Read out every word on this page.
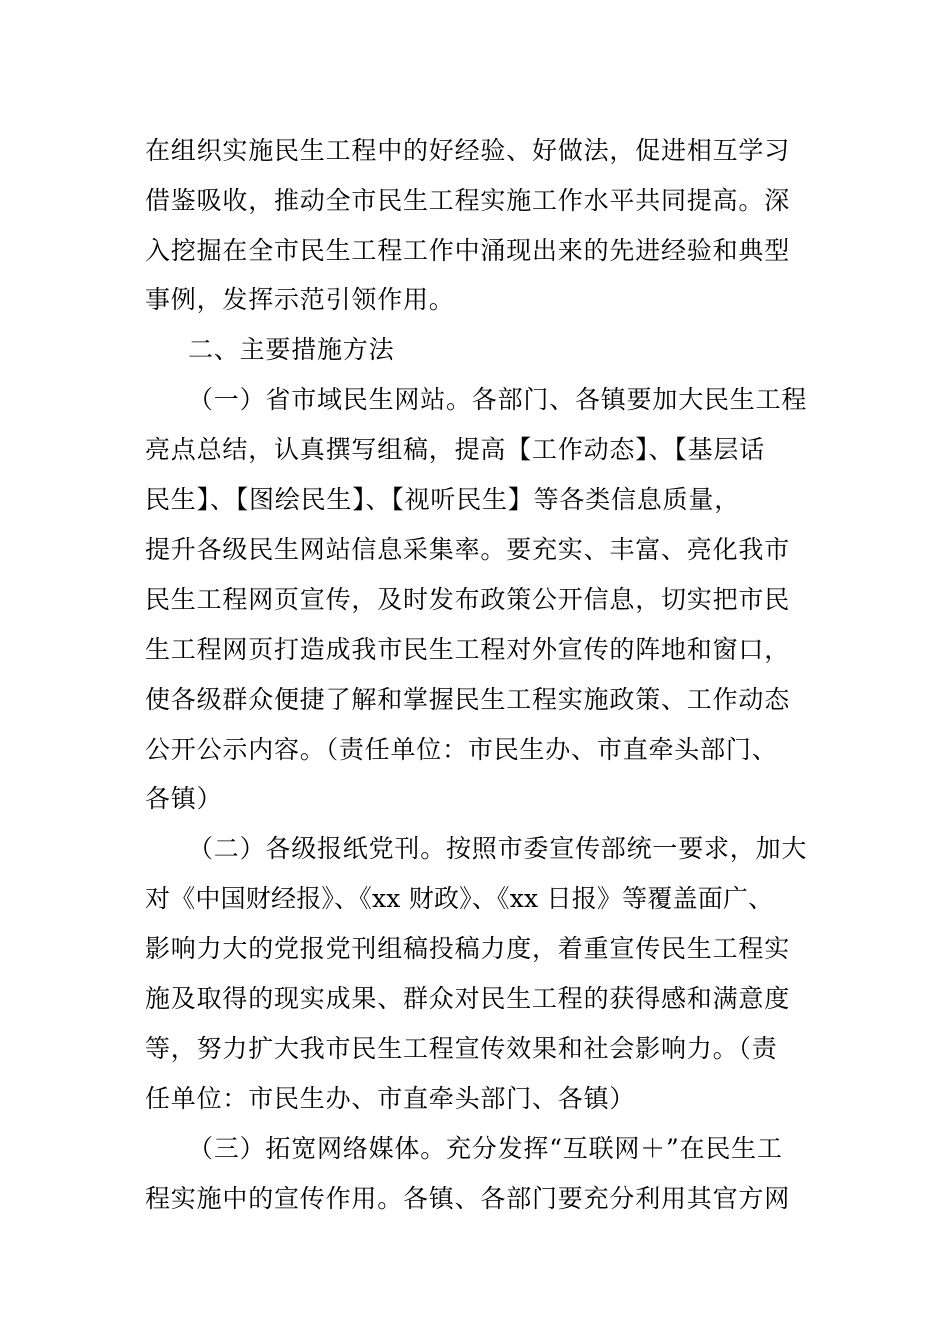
在组织实施民生工程中的好经验、好做法，促进相互学习
借鉴吸收，推动全市民生工程实施工作水平共同提高。深
入挖掘在全市民生工程工作中涌现出来的先进经验和典型
事例，发挥示范引领作用。
二、主要措施方法
（一）省市域民生网站。各部门、各镇要加大民生工程
亮点总结，认真撰写组稿，提高【工作动态】、【基层话
民生】、【图绘民生】、【视听民生】等各类信息质量，
提升各级民生网站信息采集率。要充实、丰富、亮化我市
民生工程网页宣传，及时发布政策公开信息，切实把市民
生工程网页打造成我市民生工程对外宣传的阵地和窗口，
使各级群众便捷了解和掌握民生工程实施政策、工作动态
公开公示内容。（责任单位：市民生办、市直牵头部门、
各镇）
（二）各级报纸党刊。按照市委宣传部统一要求，加大
对《中国财经报》、《xx 财政》、《xx 日报》等覆盖面广、
影响力大的党报党刊组稿投稿力度，着重宣传民生工程实
施及取得的现实成果、群众对民生工程的获得感和满意度
等，努力扩大我市民生工程宣传效果和社会影响力。（责
任单位：市民生办、市直牵头部门、各镇）
（三）拓宽网络媒体。充分发挥“互联网＋”在民生工
程实施中的宣传作用。各镇、各部门要充分利用其官方网
